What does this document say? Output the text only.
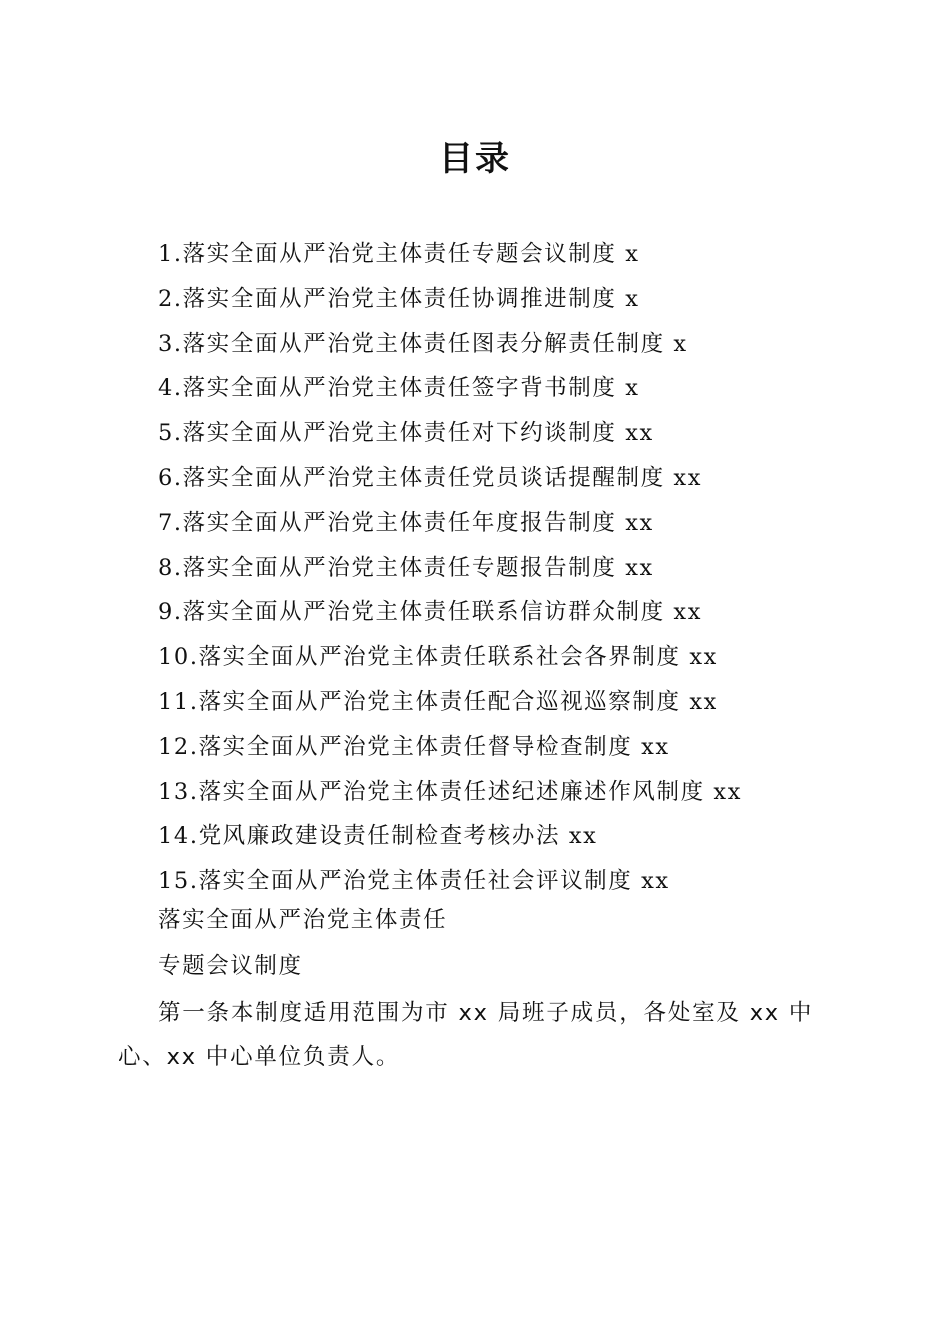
目录
1.落实全面从严治党主体责任专题会议制度 x
2.落实全面从严治党主体责任协调推进制度 x
3.落实全面从严治党主体责任图表分解责任制度 x
4.落实全面从严治党主体责任签字背书制度 x
5.落实全面从严治党主体责任对下约谈制度 xx
6.落实全面从严治党主体责任党员谈话提醒制度 xx
7.落实全面从严治党主体责任年度报告制度 xx
8.落实全面从严治党主体责任专题报告制度 xx
9.落实全面从严治党主体责任联系信访群众制度 xx
10.落实全面从严治党主体责任联系社会各界制度 xx
11.落实全面从严治党主体责任配合巡视巡察制度 xx
12.落实全面从严治党主体责任督导检查制度 xx
13.落实全面从严治党主体责任述纪述廉述作风制度 xx
14.党风廉政建设责任制检查考核办法 xx
15.落实全面从严治党主体责任社会评议制度 xx
落实全面从严治党主体责任
专题会议制度

第一条本制度适用范围为市 xx 局班子成员，各处室及 xx 中心、xx 中心单位负责人。
